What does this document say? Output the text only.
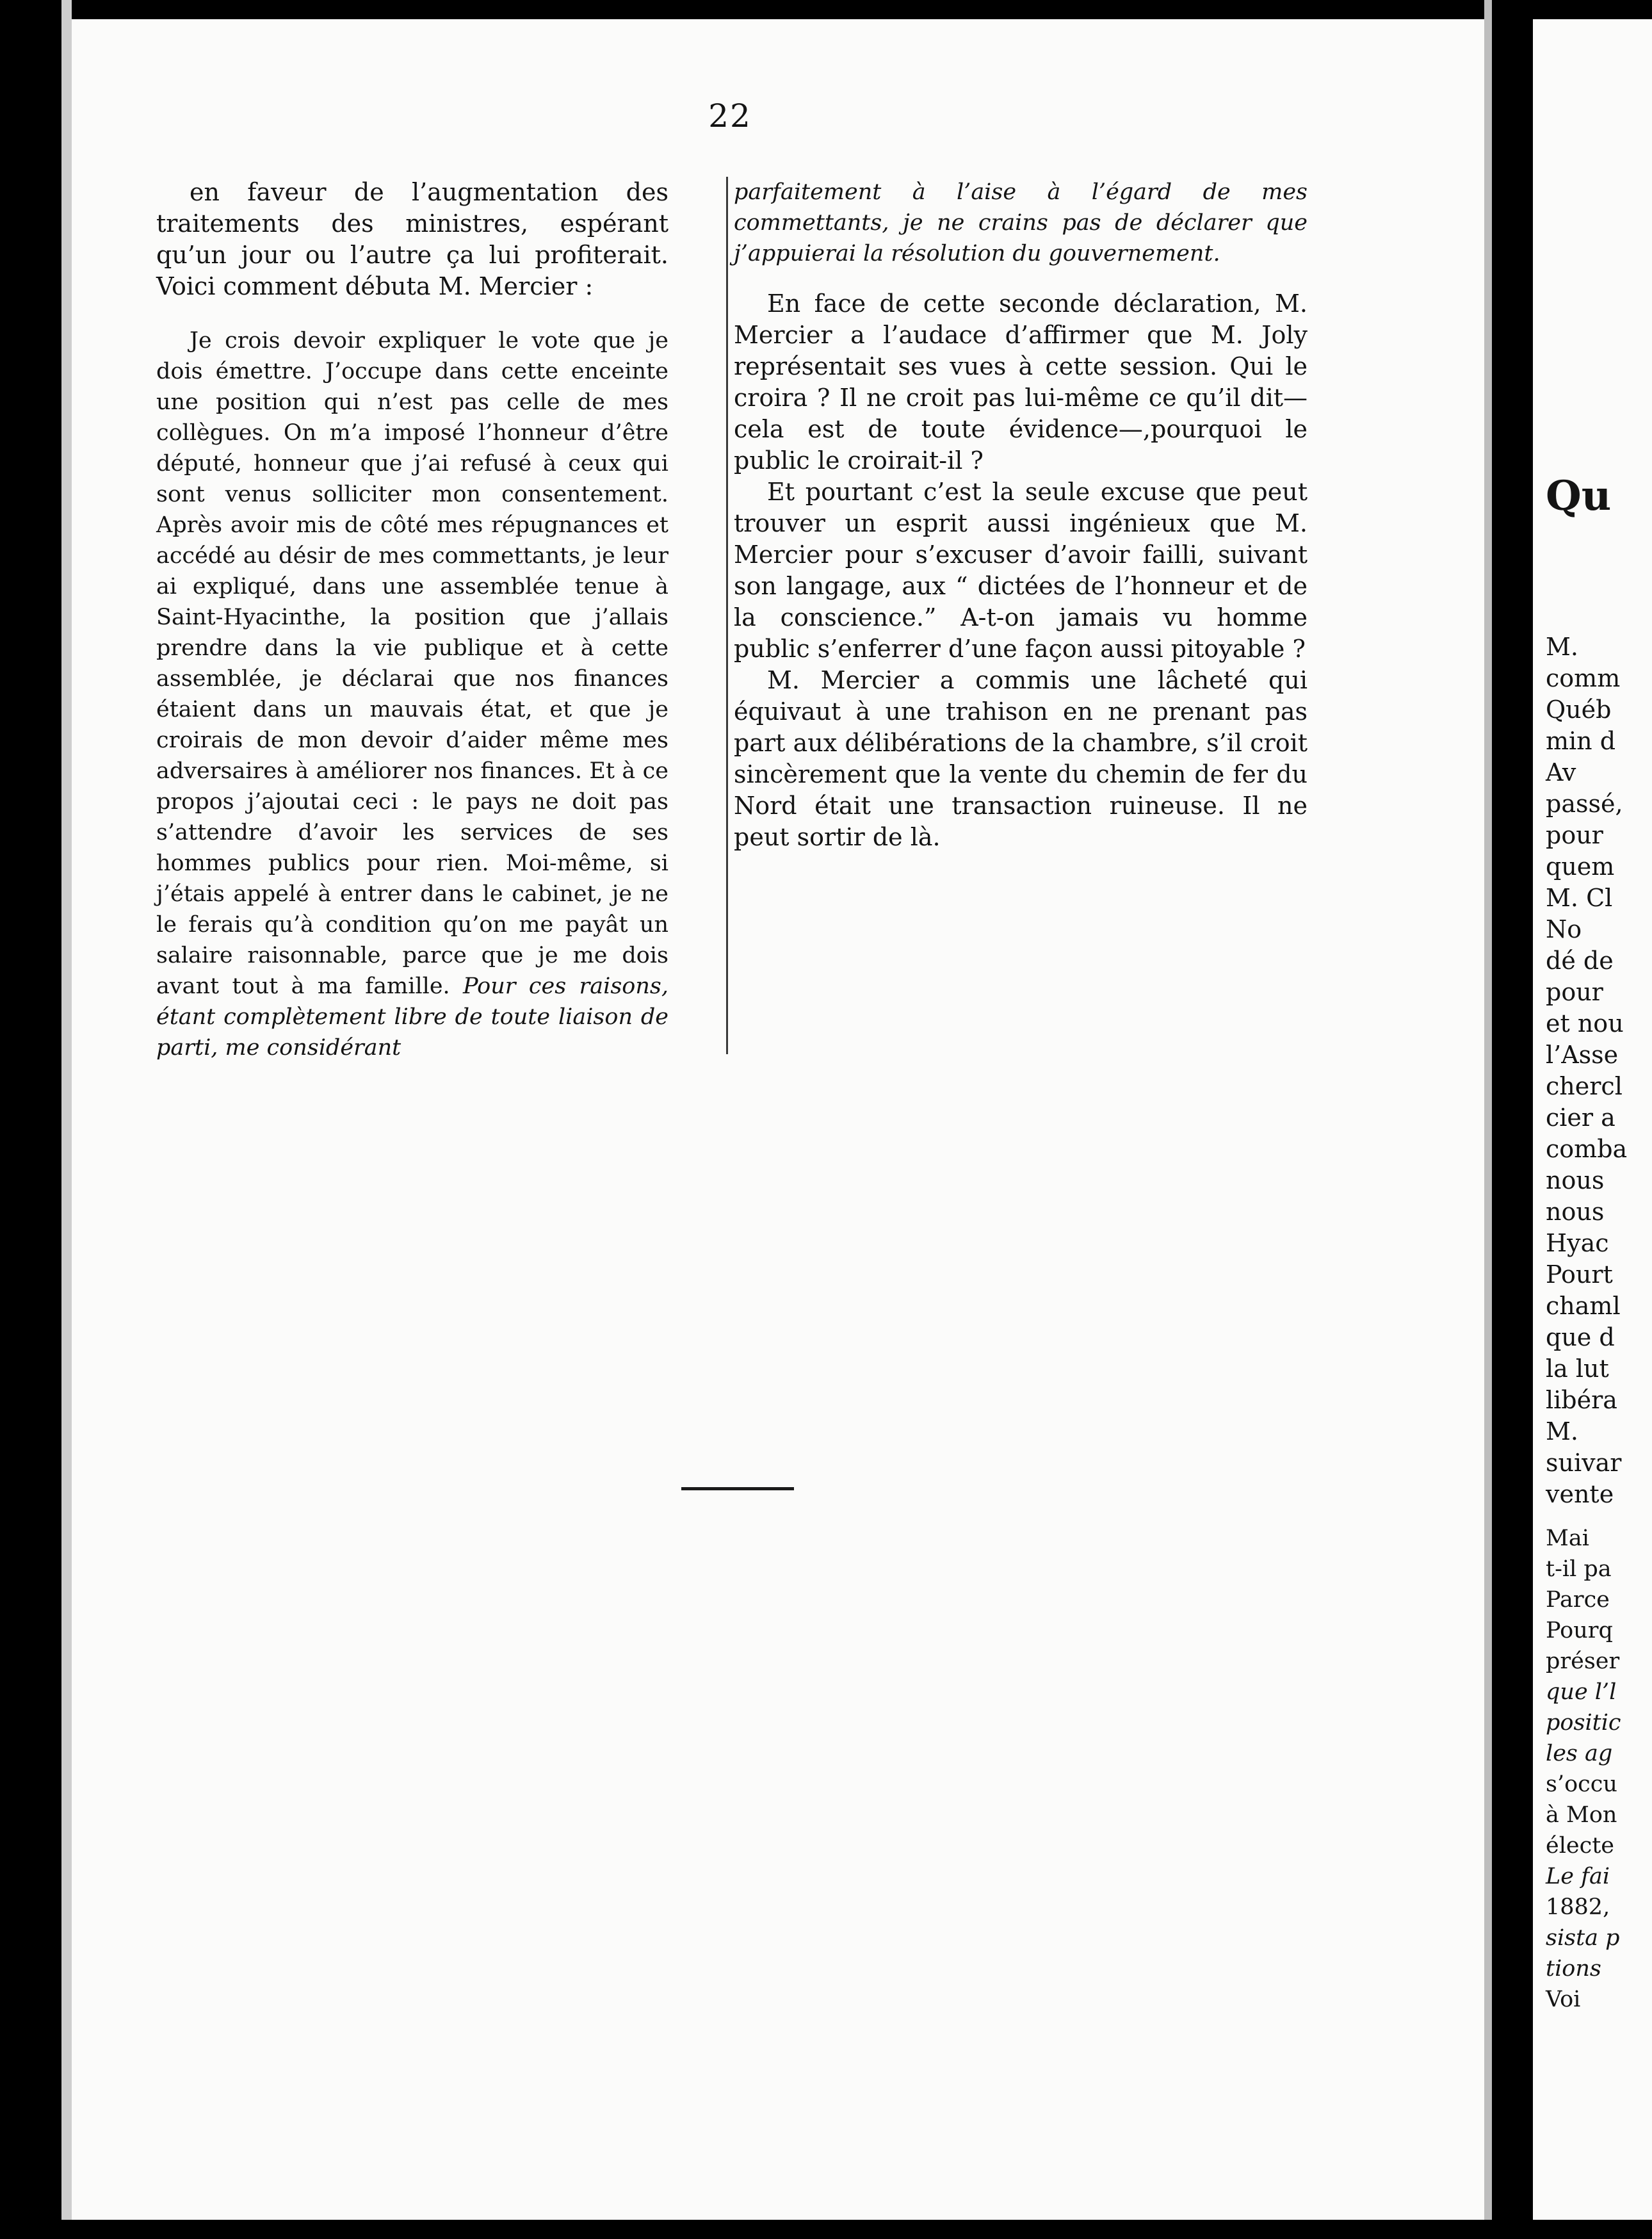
22

en faveur de l’augmentation des traitements des ministres, espérant qu’un jour ou l’autre ça lui profiterait. Voici comment débuta M. Mercier :

Je crois devoir expliquer le vote que je dois émettre. J’occupe dans cette enceinte une position qui n’est pas celle de mes collègues. On m’a imposé l’honneur d’être député, honneur que j’ai refusé à ceux qui sont venus solliciter mon consentement. Après avoir mis de côté mes répugnances et accédé au désir de mes commettants, je leur ai expliqué, dans une assemblée tenue à Saint-Hyacinthe, la position que j’allais prendre dans la vie publique et à cette assemblée, je déclarai que nos finances étaient dans un mauvais état, et que je croirais de mon devoir d’aider même mes adversaires à améliorer nos finances. Et à ce propos j’ajoutai ceci : le pays ne doit pas s’attendre d’avoir les services de ses hommes publics pour rien. Moi-même, si j’étais appelé à entrer dans le cabinet, je ne le ferais qu’à condition qu’on me payât un salaire raisonnable, parce que je me dois avant tout à ma famille. Pour ces raisons, étant complètement libre de toute liaison de parti, me considérant

parfaitement à l’aise à l’égard de mes commettants, je ne crains pas de déclarer que j’appuierai la résolution du gouvernement.

En face de cette seconde déclaration, M. Mercier a l’audace d’affirmer que M. Joly représentait ses vues à cette session. Qui le croira ? Il ne croit pas lui-même ce qu’il dit—cela est de toute évidence—,pourquoi le public le croirait-il ?

Et pourtant c’est la seule excuse que peut trouver un esprit aussi ingénieux que M. Mercier pour s’excuser d’avoir failli, suivant son langage, aux “ dictées de l’honneur et de la conscience.” A-t-on jamais vu homme public s’enferrer d’une façon aussi pitoyable ?

M. Mercier a commis une lâcheté qui équivaut à une trahison en ne prenant pas part aux délibérations de la chambre, s’il croit sincèrement que la vente du chemin de fer du Nord était une transaction ruineuse. Il ne peut sortir de là.

Qu
M.
comm
Québ
min d
Av
passé,
pour
quem
M. Cl
No
dé de
pour
et nou
l’Asse
chercl
cier a
comba
nous
nous
Hyac
Pourt
chaml
que d
la lut
libéra
M.
suivar
vente
Mai
t-il pa
Parce
Pourq
préser
que l’l
positic
les ag
s’occu
à Mon
électe
Le fai
1882,
sista p
tions
Voi
